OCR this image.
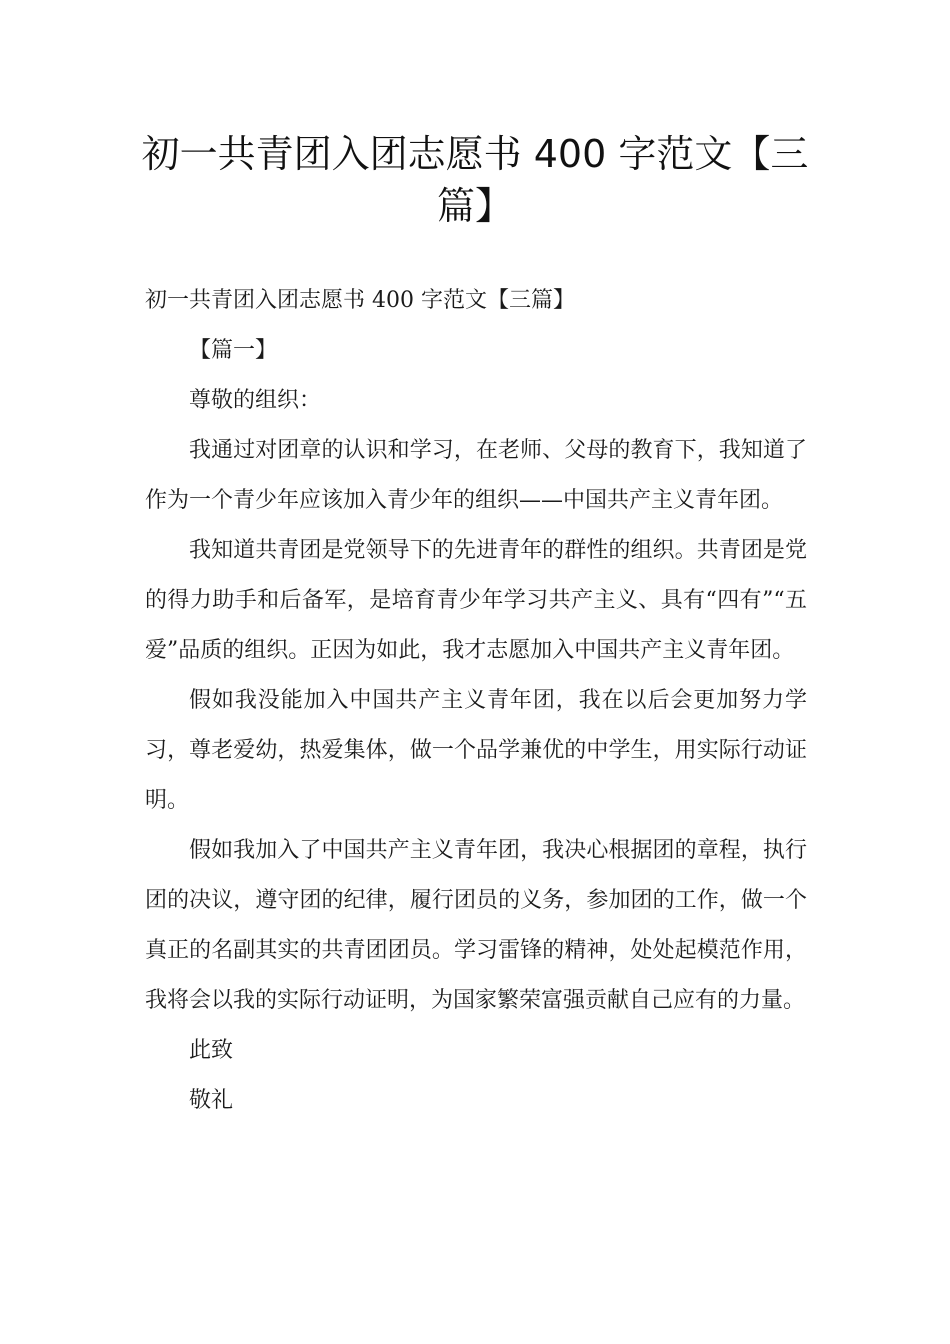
初一共青团入团志愿书 400 字范文【三篇】

初一共青团入团志愿书 400 字范文【三篇】

【篇一】

尊敬的组织：

我通过对团章的认识和学习，在老师、父母的教育下，我知道了作为一个青少年应该加入青少年的组织——中国共产主义青年团。

我知道共青团是党领导下的先进青年的群性的组织。共青团是党的得力助手和后备军，是培育青少年学习共产主义、具有“四有”“五爱”品质的组织。正因为如此，我才志愿加入中国共产主义青年团。

假如我没能加入中国共产主义青年团，我在以后会更加努力学习，尊老爱幼，热爱集体，做一个品学兼优的中学生，用实际行动证明。

假如我加入了中国共产主义青年团，我决心根据团的章程，执行团的决议，遵守团的纪律，履行团员的义务，参加团的工作，做一个真正的名副其实的共青团团员。学习雷锋的精神，处处起模范作用，我将会以我的实际行动证明，为国家繁荣富强贡献自己应有的力量。

此致

敬礼
